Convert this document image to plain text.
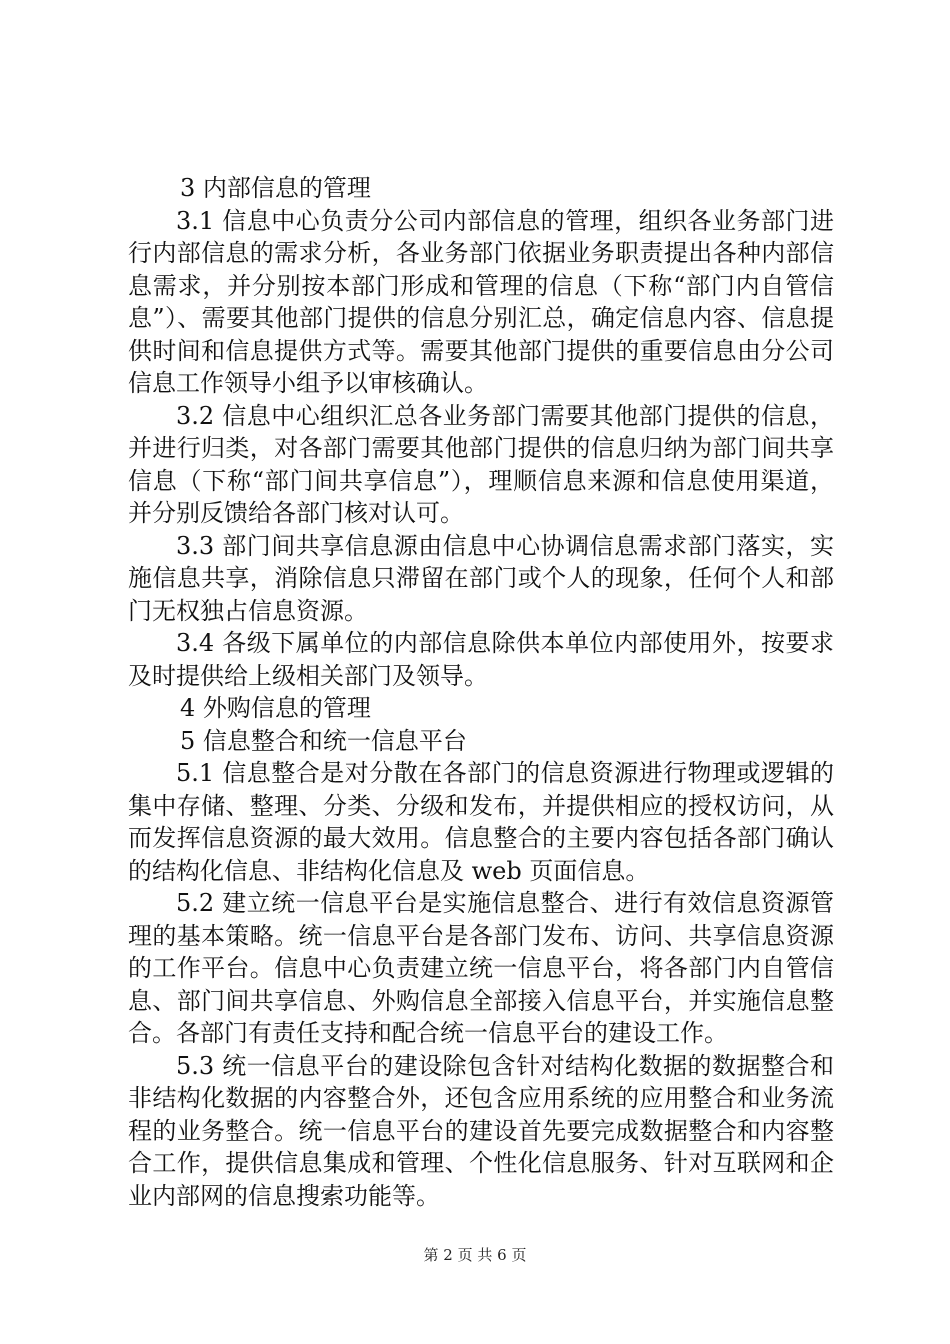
3 内部信息的管理

3.1 信息中心负责分公司内部信息的管理，组织各业务部门进行内部信息的需求分析，各业务部门依据业务职责提出各种内部信息需求，并分别按本部门形成和管理的信息（下称“部门内自管信息”）、需要其他部门提供的信息分别汇总，确定信息内容、信息提供时间和信息提供方式等。需要其他部门提供的重要信息由分公司信息工作领导小组予以审核确认。

3.2 信息中心组织汇总各业务部门需要其他部门提供的信息，并进行归类，对各部门需要其他部门提供的信息归纳为部门间共享信息（下称“部门间共享信息”），理顺信息来源和信息使用渠道，并分别反馈给各部门核对认可。

3.3 部门间共享信息源由信息中心协调信息需求部门落实，实施信息共享，消除信息只滞留在部门或个人的现象，任何个人和部门无权独占信息资源。

3.4 各级下属单位的内部信息除供本单位内部使用外，按要求及时提供给上级相关部门及领导。

4 外购信息的管理

5 信息整合和统一信息平台

5.1 信息整合是对分散在各部门的信息资源进行物理或逻辑的集中存储、整理、分类、分级和发布，并提供相应的授权访问，从而发挥信息资源的最大效用。信息整合的主要内容包括各部门确认的结构化信息、非结构化信息及 web 页面信息。

5.2 建立统一信息平台是实施信息整合、进行有效信息资源管理的基本策略。统一信息平台是各部门发布、访问、共享信息资源的工作平台。信息中心负责建立统一信息平台，将各部门内自管信息、部门间共享信息、外购信息全部接入信息平台，并实施信息整合。各部门有责任支持和配合统一信息平台的建设工作。

5.3 统一信息平台的建设除包含针对结构化数据的数据整合和非结构化数据的内容整合外，还包含应用系统的应用整合和业务流程的业务整合。统一信息平台的建设首先要完成数据整合和内容整合工作，提供信息集成和管理、个性化信息服务、针对互联网和企业内部网的信息搜索功能等。

第 2 页 共 6 页
